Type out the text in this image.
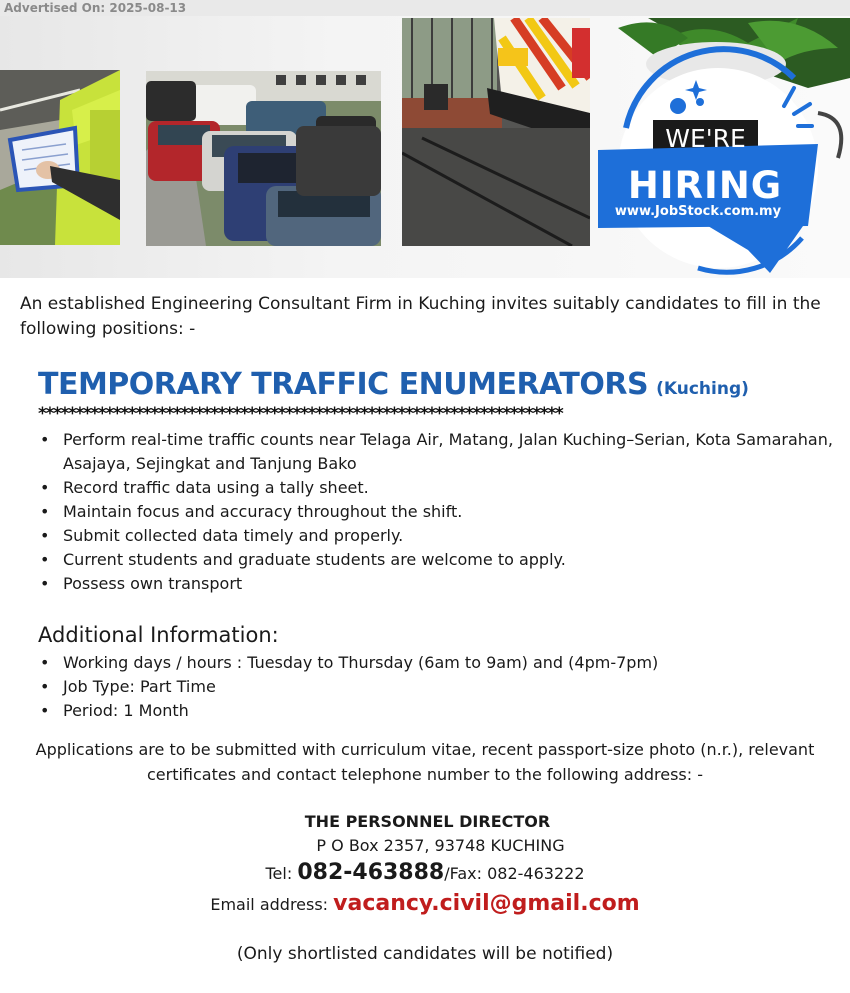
Advertised On: 2025-08-13
WE'RE
HIRING
www.JobStock.com.my
An established Engineering Consultant Firm in Kuching invites suitably candidates to fill in the following positions: -
TEMPORARY TRAFFIC ENUMERATORS (Kuching)
**********************************************************************
• Perform real-time traffic counts near Telaga Air, Matang, Jalan Kuching–Serian, Kota Samarahan, Asajaya, Sejingkat and Tanjung Bako
• Record traffic data using a tally sheet.
• Maintain focus and accuracy throughout the shift.
• Submit collected data timely and properly.
• Current students and graduate students are welcome to apply.
• Possess own transport
Additional Information:
• Working days / hours : Tuesday to Thursday (6am to 9am) and (4pm-7pm)
• Job Type: Part Time
• Period: 1 Month
Applications are to be submitted with curriculum vitae, recent passport-size photo (n.r.), relevant certificates and contact telephone number to the following address: -
THE PERSONNEL DIRECTOR
P O Box 2357, 93748 KUCHING
Tel: 082-463888/Fax: 082-463222
Email address: vacancy.civil@gmail.com
(Only shortlisted candidates will be notified)
